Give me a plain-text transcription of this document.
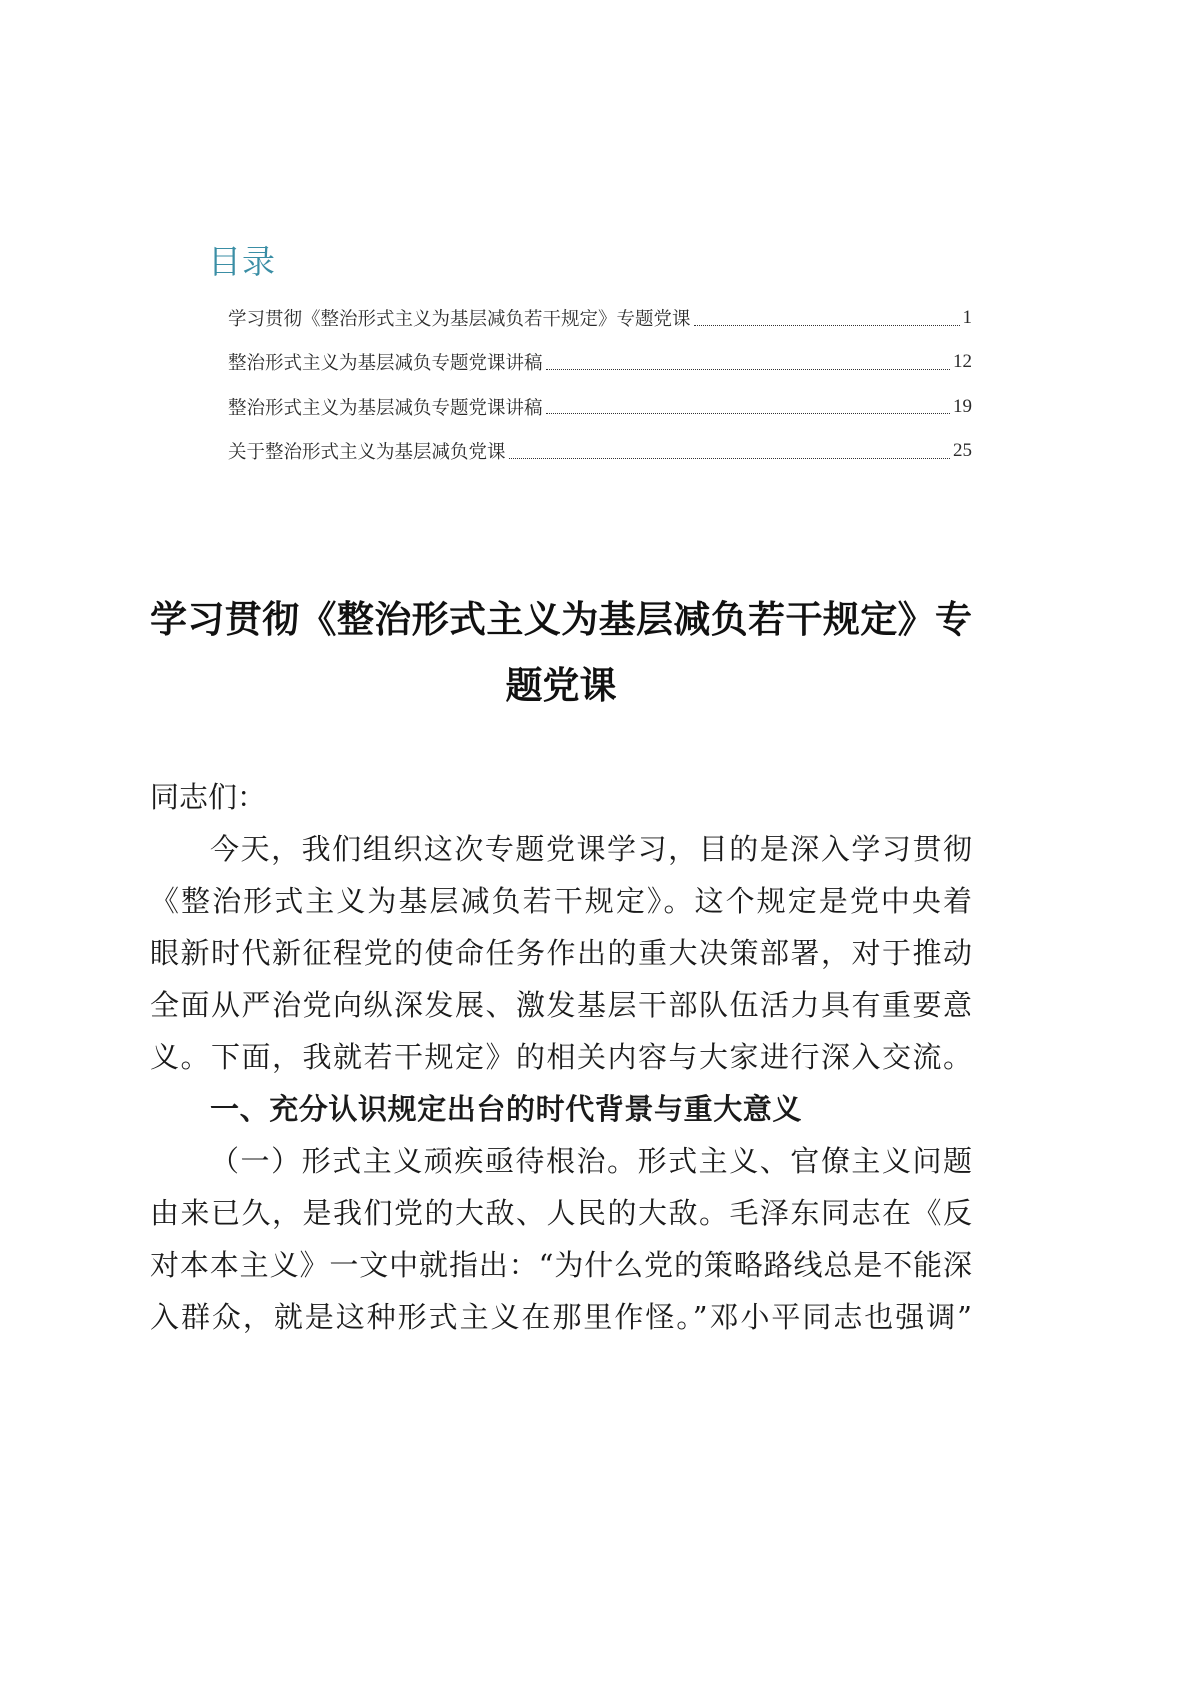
目录
学习贯彻《整治形式主义为基层减负若干规定》专题党课	1
整治形式主义为基层减负专题党课讲稿	12
整治形式主义为基层减负专题党课讲稿	19
关于整治形式主义为基层减负党课	25
学习贯彻《整治形式主义为基层减负若干规定》专
题党课
同志们：
今天，我们组织这次专题党课学习，目的是深入学习贯彻
《整治形式主义为基层减负若干规定》。这个规定是党中央着
眼新时代新征程党的使命任务作出的重大决策部署，对于推动
全面从严治党向纵深发展、激发基层干部队伍活力具有重要意
义。下面，我就若干规定》的相关内容与大家进行深入交流。
一、充分认识规定出台的时代背景与重大意义
（一）形式主义顽疾亟待根治。形式主义、官僚主义问题
由来已久，是我们党的大敌、人民的大敌。毛泽东同志在《反
对本本主义》一文中就指出：“为什么党的策略路线总是不能深
入群众，就是这种形式主义在那里作怪。”邓小平同志也强调”
